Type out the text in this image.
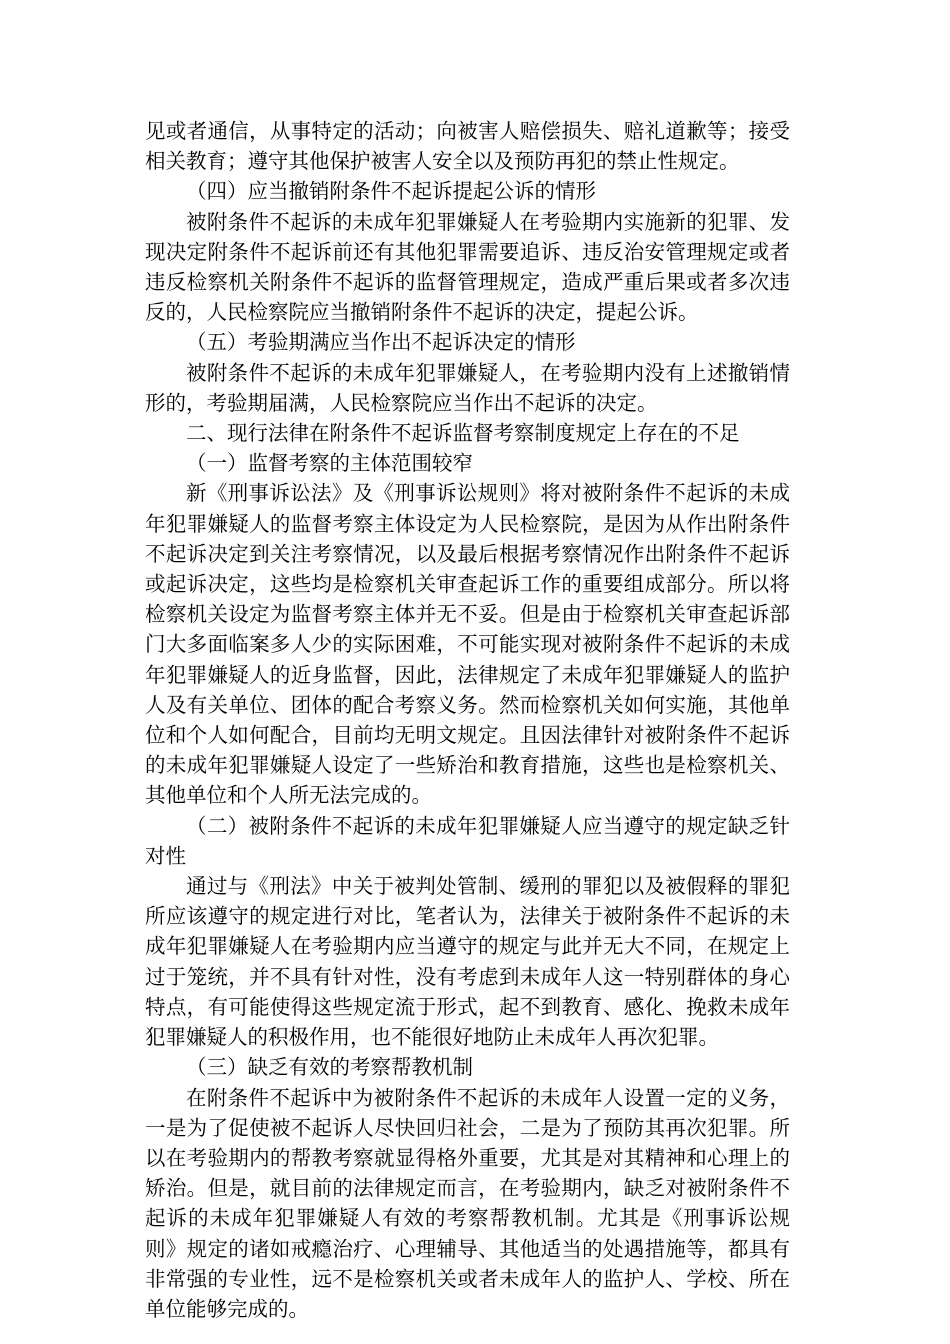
见或者通信，从事特定的活动；向被害人赔偿损失、赔礼道歉等；接受相关教育；遵守其他保护被害人安全以及预防再犯的禁止性规定。

（四）应当撤销附条件不起诉提起公诉的情形

被附条件不起诉的未成年犯罪嫌疑人在考验期内实施新的犯罪、发现决定附条件不起诉前还有其他犯罪需要追诉、违反治安管理规定或者违反检察机关附条件不起诉的监督管理规定，造成严重后果或者多次违反的，人民检察院应当撤销附条件不起诉的决定，提起公诉。

（五）考验期满应当作出不起诉决定的情形

被附条件不起诉的未成年犯罪嫌疑人，在考验期内没有上述撤销情形的，考验期届满，人民检察院应当作出不起诉的决定。

二、现行法律在附条件不起诉监督考察制度规定上存在的不足

（一）监督考察的主体范围较窄

新《刑事诉讼法》及《刑事诉讼规则》将对被附条件不起诉的未成年犯罪嫌疑人的监督考察主体设定为人民检察院，是因为从作出附条件不起诉决定到关注考察情况，以及最后根据考察情况作出附条件不起诉或起诉决定，这些均是检察机关审查起诉工作的重要组成部分。所以将检察机关设定为监督考察主体并无不妥。但是由于检察机关审查起诉部门大多面临案多人少的实际困难，不可能实现对被附条件不起诉的未成年犯罪嫌疑人的近身监督，因此，法律规定了未成年犯罪嫌疑人的监护人及有关单位、团体的配合考察义务。然而检察机关如何实施，其他单位和个人如何配合，目前均无明文规定。且因法律针对被附条件不起诉的未成年犯罪嫌疑人设定了一些矫治和教育措施，这些也是检察机关、其他单位和个人所无法完成的。

（二）被附条件不起诉的未成年犯罪嫌疑人应当遵守的规定缺乏针对性

通过与《刑法》中关于被判处管制、缓刑的罪犯以及被假释的罪犯所应该遵守的规定进行对比，笔者认为，法律关于被附条件不起诉的未成年犯罪嫌疑人在考验期内应当遵守的规定与此并无大不同，在规定上过于笼统，并不具有针对性，没有考虑到未成年人这一特别群体的身心特点，有可能使得这些规定流于形式，起不到教育、感化、挽救未成年犯罪嫌疑人的积极作用，也不能很好地防止未成年人再次犯罪。

（三）缺乏有效的考察帮教机制

在附条件不起诉中为被附条件不起诉的未成年人设置一定的义务，一是为了促使被不起诉人尽快回归社会，二是为了预防其再次犯罪。所以在考验期内的帮教考察就显得格外重要，尤其是对其精神和心理上的矫治。但是，就目前的法律规定而言，在考验期内，缺乏对被附条件不起诉的未成年犯罪嫌疑人有效的考察帮教机制。尤其是《刑事诉讼规则》规定的诸如戒瘾治疗、心理辅导、其他适当的处遇措施等，都具有非常强的专业性，远不是检察机关或者未成年人的监护人、学校、所在单位能够完成的。
